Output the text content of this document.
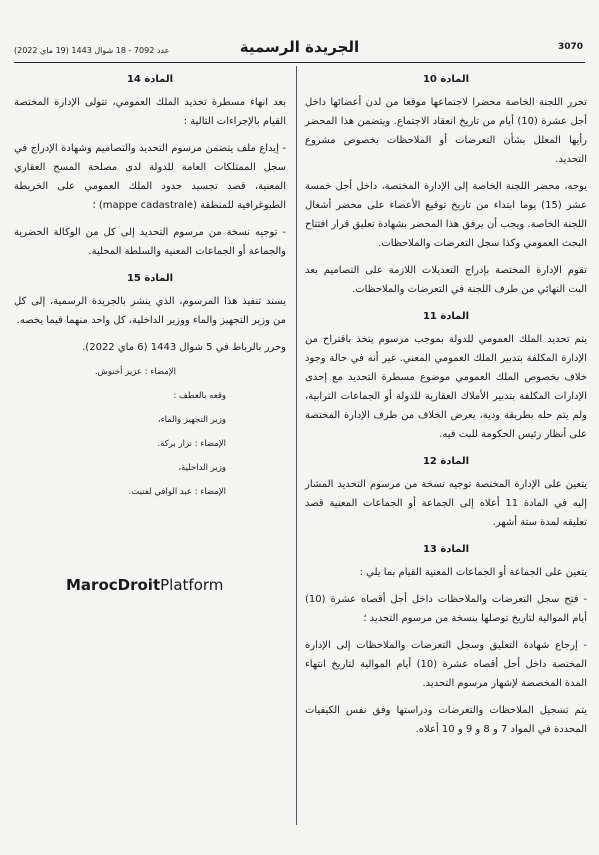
عدد 7092 - 18 شوال 1443 (19 ماي 2022)	الجريدة الرسمية	3070
المادة 10

تحرر اللجنة الخاصة محضرا لاجتماعها موقعا من لدن أعضائها داخل أجل عشرة (10) أيام من تاريخ انعقاد الاجتماع. ويتضمن هذا المحضر رأيها المعلل بشأن التعرضات أو الملاحظات بخصوص مشروع التحديد.

يوجه، محضر اللجنة الخاصة إلى الإدارة المختصة، داخل أجل خمسة عشر (15) يوما ابتداء من تاريخ توقيع الأعضاء على محضر أشغال اللجنة الخاصة. ويجب أن يرفق هذا المحضر بشهادة تعليق قرار افتتاح البحث العمومي وكذا سجل التعرضات والملاحظات.

تقوم الإدارة المختصة بإدراج التعديلات اللازمة على التصاميم بعد البت النهائي من طرف اللجنة في التعرضات والملاحظات.

المادة 11

يتم تحديد الملك العمومي للدولة بموجب مرسوم يتخذ باقتراح من الإدارة المكلفة بتدبير الملك العمومي المعني. غير أنه في حالة وجود خلاف بخصوص الملك العمومي موضوع مسطرة التحديد مع إحدى الإدارات المكلفة بتدبير الأملاك العقارية للدولة أو الجماعات الترابية، ولم يتم حله بطريقة ودية، يعرض الخلاف من طرف الإدارة المختصة على أنظار رئيس الحكومة للبت فيه.

المادة 12

يتعين على الإدارة المختصة توجيه نسخة من مرسوم التحديد المشار إليه في المادة 11 أعلاه إلى الجماعة أو الجماعات المعنية قصد تعليقه لمدة ستة أشهر.

المادة 13

يتعين على الجماعة أو الجماعات المعنية القيام بما يلي :

- فتح سجل التعرضات والملاحظات داخل أجل أقصاه عشرة (10) أيام الموالية لتاريخ توصلها بنسخة من مرسوم التحديد ؛

- إرجاع شهادة التعليق وسجل التعرضات والملاحظات إلى الإدارة المختصة داخل أجل أقصاه عشرة (10) أيام الموالية لتاريخ انتهاء المدة المخصصة لإشهار مرسوم التحديد.

يتم تسجيل الملاحظات والتعرضات ودراستها وفق نفس الكيفيات المحددة في المواد 7 و 8 و 9 و 10 أعلاه.

المادة 14

بعد انهاء مسطرة تحديد الملك العمومي، تتولى الإدارة المختصة القيام بالإجراءات التالية :

- إيداع ملف يتضمن مرسوم التحديد والتصاميم وشهادة الإدراج في سجل الممتلكات العامة للدولة لدى مصلحة المسح العقاري المعنية، قصد تجسيد حدود الملك العمومي على الخريطة الطبوغرافية للمنطقة (mappe cadastrale) ؛

- توجيه نسخة من مرسوم التحديد إلى كل من الوكالة الحضرية والجماعة أو الجماعات المعنية والسلطة المحلية.

المادة 15

يسند تنفيذ هذا المرسوم، الذي ينشر بالجريدة الرسمية، إلى كل من وزير التجهيز والماء ووزير الداخلية، كل واحد منهما فيما يخصه.

وحرر بالرباط في 5 شوال 1443 (6 ماي 2022).

الإمضاء : عزيز أخنوش.
وقعه بالعطف :
وزير التجهيز والماء،
الإمضاء : نزار بركة.
وزير الداخلية،
الإمضاء : عبد الوافي لفتيت.
MarocDroitPlatform
